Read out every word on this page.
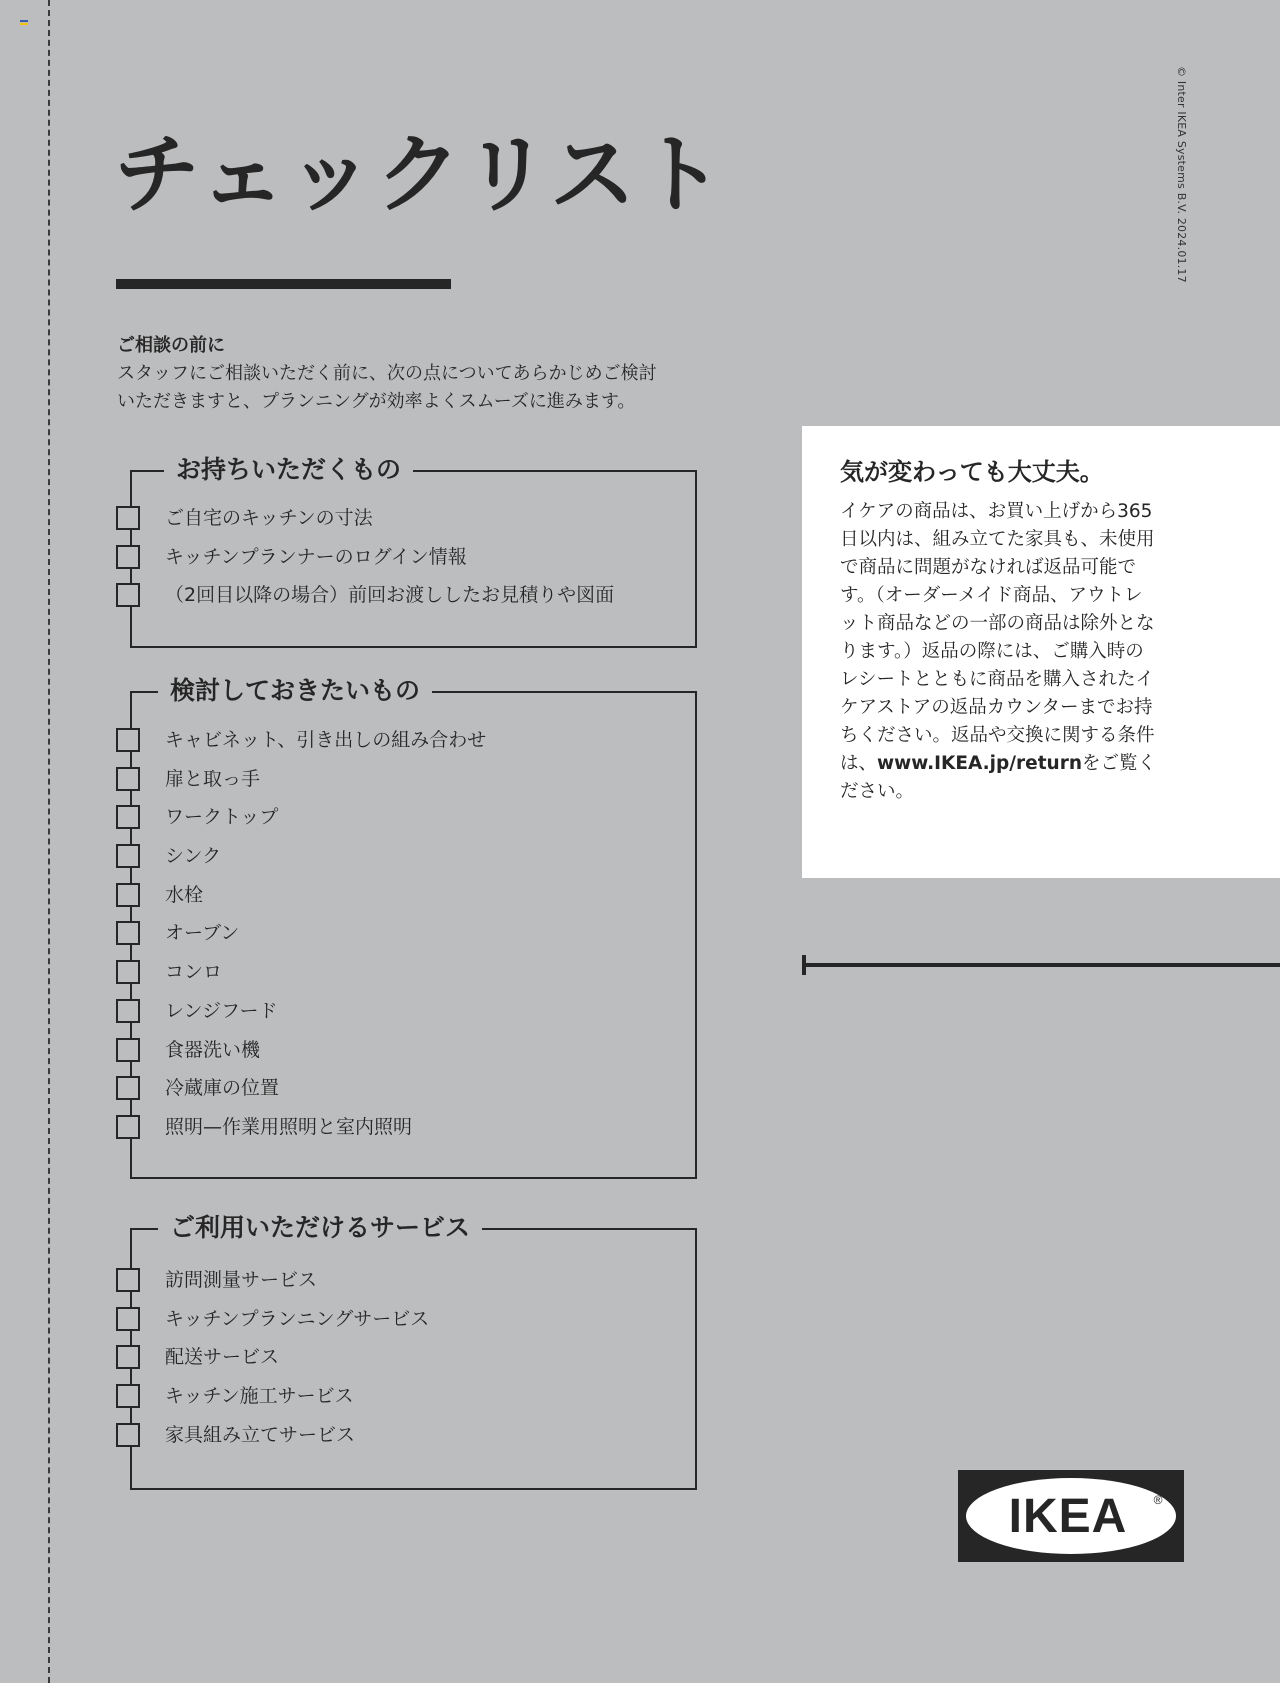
© Inter IKEA Systems B.V. 2024.01.17
チェックリスト
ご相談の前に
スタッフにご相談いただく前に、次の点についてあらかじめご検討
いただきますと、プランニングが効率よくスムーズに進みます。
お持ちいただくもの
ご自宅のキッチンの寸法
キッチンプランナーのログイン情報
（2回目以降の場合）前回お渡ししたお見積りや図面
検討しておきたいもの
キャビネット、引き出しの組み合わせ
扉と取っ手
ワークトップ
シンク
水栓
オーブン
コンロ
レンジフード
食器洗い機
冷蔵庫の位置
照明—作業用照明と室内照明
ご利用いただけるサービス
訪問測量サービス
キッチンプランニングサービス
配送サービス
キッチン施工サービス
家具組み立てサービス
気が変わっても大丈夫。

イケアの商品は、お買い上げから365日以内は、組み立てた家具も、未使用で商品に問題がなければ返品可能です。（オーダーメイド商品、アウトレット商品などの一部の商品は除外となります。）返品の際には、ご購入時のレシートとともに商品を購入されたイケアストアの返品カウンターまでお持ちください。返品や交換に関する条件は、www.IKEA.jp/returnをご覧ください。

IKEA ®
